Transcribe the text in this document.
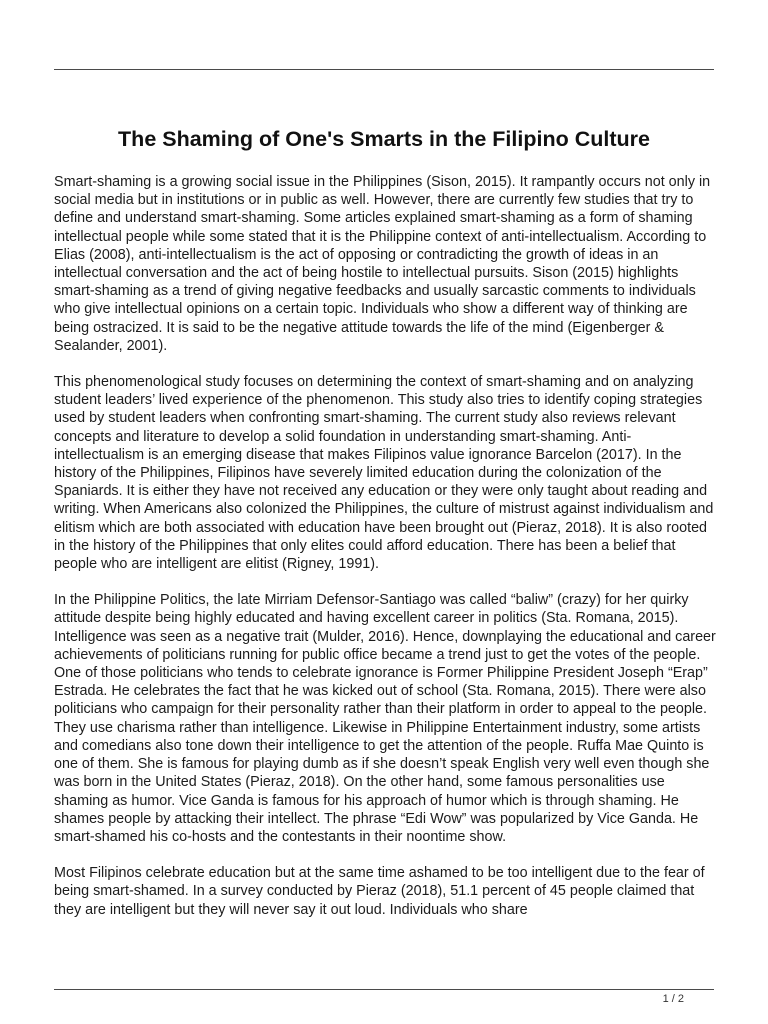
The Shaming of One's Smarts in the Filipino Culture

Smart-shaming is a growing social issue in the Philippines (Sison, 2015). It rampantly occurs not only in social media but in institutions or in public as well. However, there are currently few studies that try to define and understand smart-shaming. Some articles explained smart-shaming as a form of shaming intellectual people while some stated that it is the Philippine context of anti-intellectualism. According to Elias (2008), anti-intellectualism is the act of opposing or contradicting the growth of ideas in an intellectual conversation and the act of being hostile to intellectual pursuits. Sison (2015) highlights smart-shaming as a trend of giving negative feedbacks and usually sarcastic comments to individuals who give intellectual opinions on a certain topic. Individuals who show a different way of thinking are being ostracized. It is said to be the negative attitude towards the life of the mind (Eigenberger & Sealander, 2001).

This phenomenological study focuses on determining the context of smart-shaming and on analyzing student leaders’ lived experience of the phenomenon. This study also tries to identify coping strategies used by student leaders when confronting smart-shaming. The current study also reviews relevant concepts and literature to develop a solid foundation in understanding smart-shaming. Anti-intellectualism is an emerging disease that makes Filipinos value ignorance Barcelon (2017). In the history of the Philippines, Filipinos have severely limited education during the colonization of the Spaniards. It is either they have not received any education or they were only taught about reading and writing. When Americans also colonized the Philippines, the culture of mistrust against individualism and elitism which are both associated with education have been brought out (Pieraz, 2018). It is also rooted in the history of the Philippines that only elites could afford education. There has been a belief that people who are intelligent are elitist (Rigney, 1991).

In the Philippine Politics, the late Mirriam Defensor-Santiago was called “baliw” (crazy) for her quirky attitude despite being highly educated and having excellent career in politics (Sta. Romana, 2015). Intelligence was seen as a negative trait (Mulder, 2016). Hence, downplaying the educational and career achievements of politicians running for public office became a trend just to get the votes of the people. One of those politicians who tends to celebrate ignorance is Former Philippine President Joseph “Erap” Estrada. He celebrates the fact that he was kicked out of school (Sta. Romana, 2015). There were also politicians who campaign for their personality rather than their platform in order to appeal to the people. They use charisma rather than intelligence. Likewise in Philippine Entertainment industry, some artists and comedians also tone down their intelligence to get the attention of the people. Ruffa Mae Quinto is one of them. She is famous for playing dumb as if she doesn’t speak English very well even though she was born in the United States (Pieraz, 2018). On the other hand, some famous personalities use shaming as humor. Vice Ganda is famous for his approach of humor which is through shaming. He shames people by attacking their intellect. The phrase “Edi Wow” was popularized by Vice Ganda. He smart-shamed his co-hosts and the contestants in their noontime show.

Most Filipinos celebrate education but at the same time ashamed to be too intelligent due to the fear of being smart-shamed. In a survey conducted by Pieraz (2018), 51.1 percent of 45 people claimed that they are intelligent but they will never say it out loud. Individuals who share

1 / 2
